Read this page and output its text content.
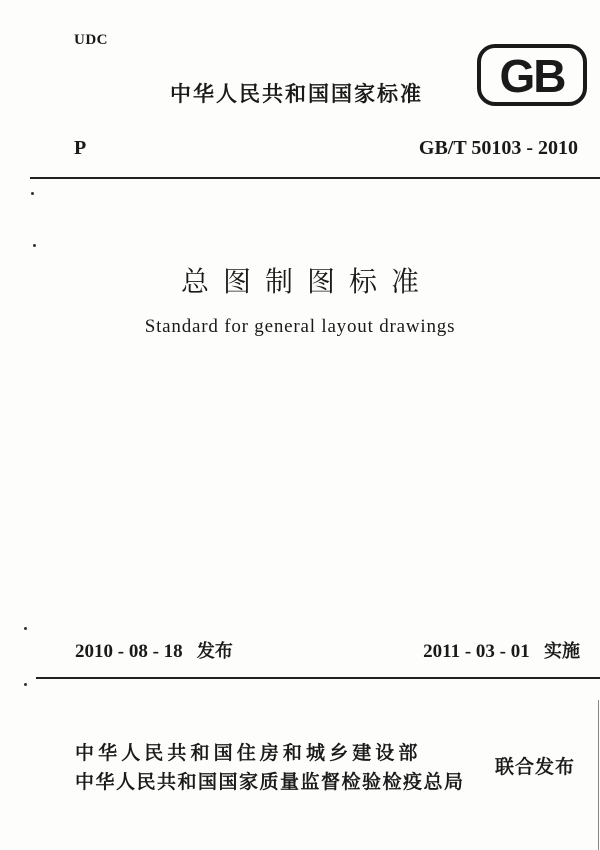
UDC
中华人民共和国国家标准 GB
P	GB/T 50103 - 2010
总图制图标准
Standard for general layout drawings
2010 - 08 - 18 发布	2011 - 03 - 01 实施
中华人民共和国住房和城乡建设部
中华人民共和国国家质量监督检验检疫总局
联合发布
